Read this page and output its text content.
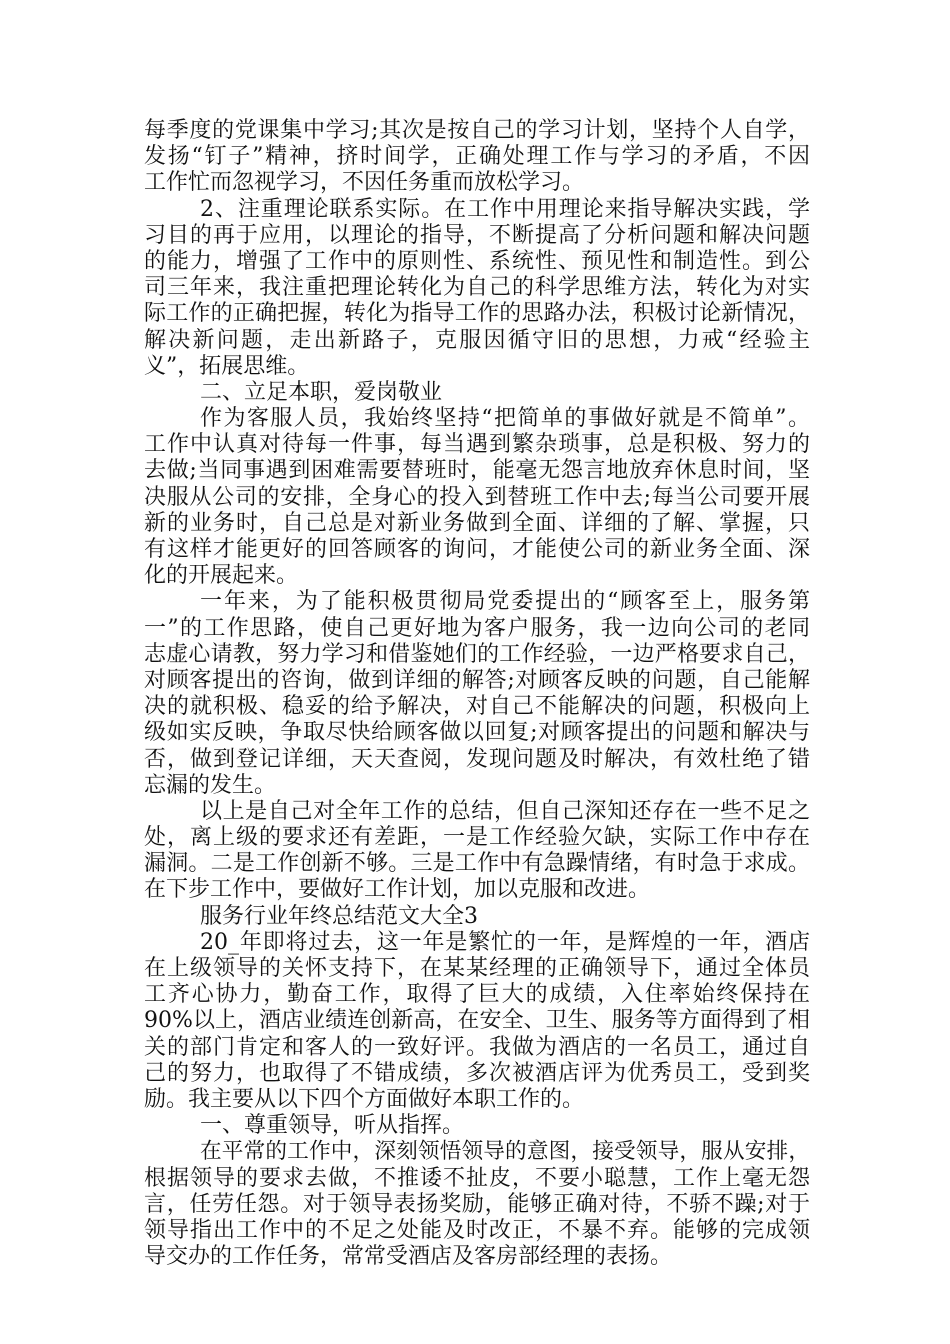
每季度的党课集中学习;其次是按自己的学习计划，坚持个人自学，
发扬“钉子”精神，挤时间学，正确处理工作与学习的矛盾，不因
工作忙而忽视学习，不因任务重而放松学习。
2、注重理论联系实际。在工作中用理论来指导解决实践，学
习目的再于应用，以理论的指导，不断提高了分析问题和解决问题
的能力，增强了工作中的原则性、系统性、预见性和制造性。到公
司三年来，我注重把理论转化为自己的科学思维方法，转化为对实
际工作的正确把握，转化为指导工作的思路办法，积极讨论新情况，
解决新问题，走出新路子，克服因循守旧的思想，力戒“经验主
义”，拓展思维。
二、立足本职，爱岗敬业
作为客服人员，我始终坚持“把简单的事做好就是不简单”。
工作中认真对待每一件事，每当遇到繁杂琐事，总是积极、努力的
去做;当同事遇到困难需要替班时，能毫无怨言地放弃休息时间，坚
决服从公司的安排，全身心的投入到替班工作中去;每当公司要开展
新的业务时，自己总是对新业务做到全面、详细的了解、掌握，只
有这样才能更好的回答顾客的询问，才能使公司的新业务全面、深
化的开展起来。
一年来，为了能积极贯彻局党委提出的“顾客至上，服务第
一”的工作思路，使自己更好地为客户服务，我一边向公司的老同
志虚心请教，努力学习和借鉴她们的工作经验，一边严格要求自己，
对顾客提出的咨询，做到详细的解答;对顾客反映的问题，自己能解
决的就积极、稳妥的给予解决，对自己不能解决的问题，积极向上
级如实反映，争取尽快给顾客做以回复;对顾客提出的问题和解决与
否，做到登记详细，天天查阅，发现问题及时解决，有效杜绝了错
忘漏的发生。
以上是自己对全年工作的总结，但自己深知还存在一些不足之
处，离上级的要求还有差距，一是工作经验欠缺，实际工作中存在
漏洞。二是工作创新不够。三是工作中有急躁情绪，有时急于求成。
在下步工作中，要做好工作计划，加以克服和改进。
服务行业年终总结范文大全3
20_年即将过去，这一年是繁忙的一年，是辉煌的一年，酒店
在上级领导的关怀支持下，在某某经理的正确领导下，通过全体员
工齐心协力，勤奋工作，取得了巨大的成绩，入住率始终保持在
90%以上，酒店业绩连创新高，在安全、卫生、服务等方面得到了相
关的部门肯定和客人的一致好评。我做为酒店的一名员工，通过自
己的努力，也取得了不错成绩，多次被酒店评为优秀员工，受到奖
励。我主要从以下四个方面做好本职工作的。
一、尊重领导，听从指挥。
在平常的工作中，深刻领悟领导的意图，接受领导，服从安排，
根据领导的要求去做，不推诿不扯皮，不要小聪慧，工作上毫无怨
言，任劳任怨。对于领导表扬奖励，能够正确对待，不骄不躁;对于
领导指出工作中的不足之处能及时改正，不暴不弃。能够的完成领
导交办的工作任务，常常受酒店及客房部经理的表扬。
